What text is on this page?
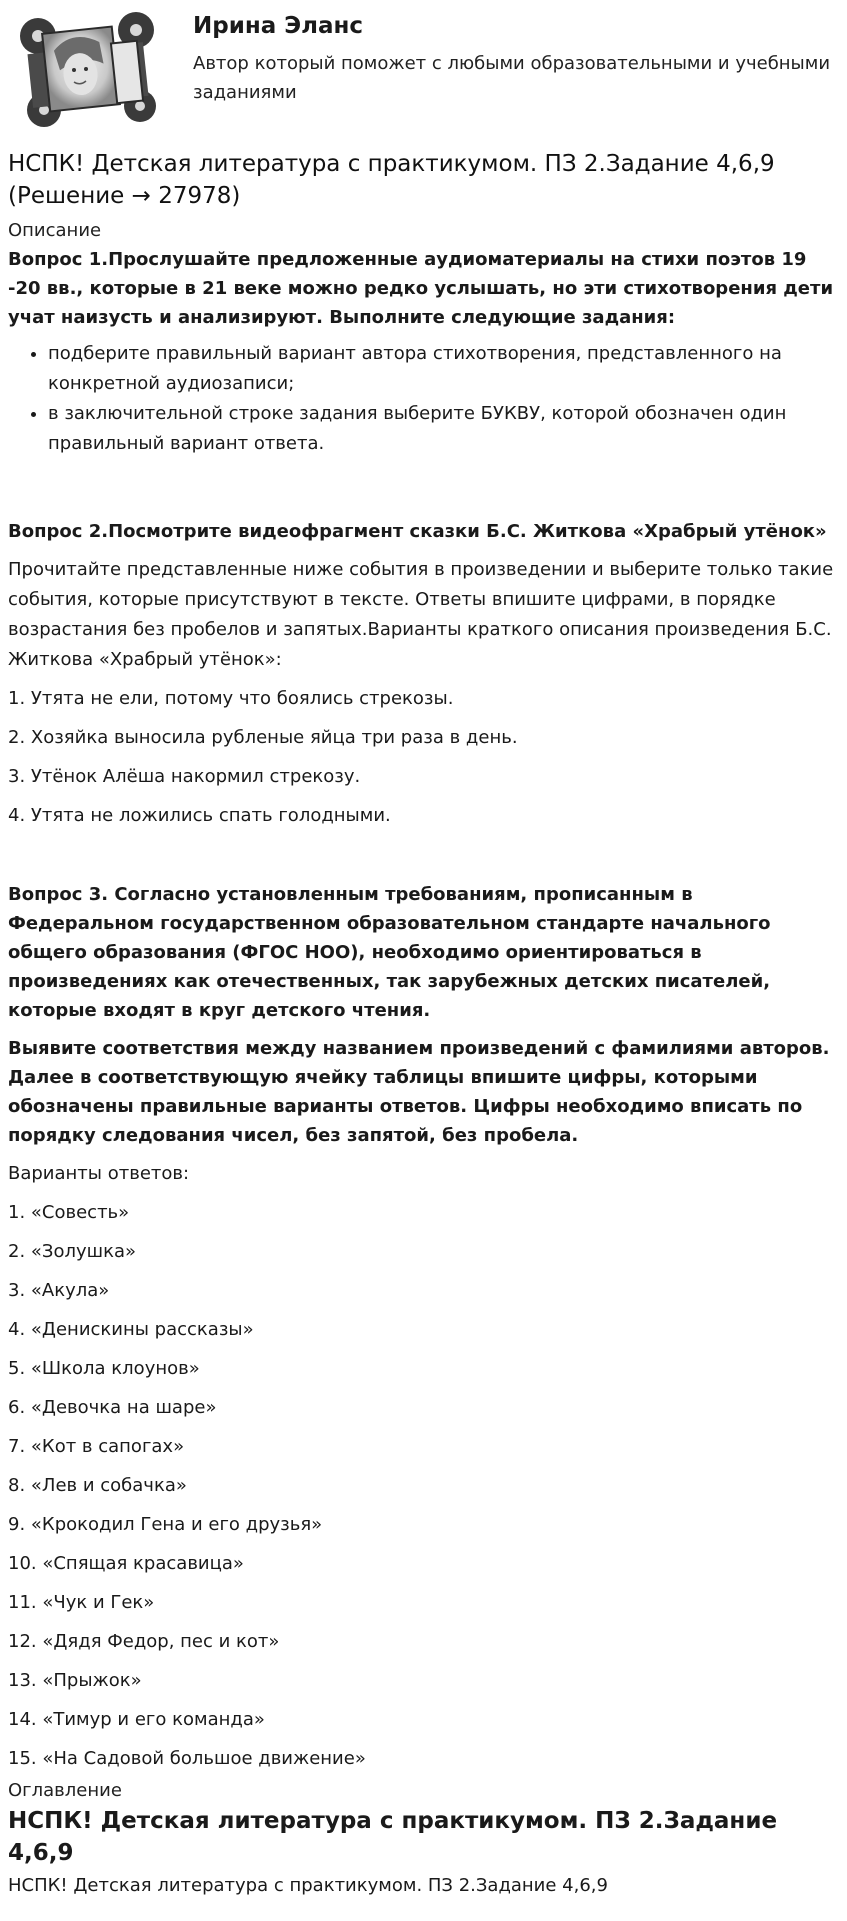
Ирина Эланс
Автор который поможет с любыми образовательными и учебными заданиями
НСПК! Детская литература с практикумом. ПЗ 2.Задание 4,6,9 (Решение → 27978)
Описание

Вопрос 1.Прослушайте предложенные аудиоматериалы на стихи поэтов 19 -20 вв., которые в 21 веке можно редко услышать, но эти стихотворения дети учат наизусть и анализируют. Выполните следующие задания:

• подберите правильный вариант автора стихотворения, представленного на конкретной аудиозаписи;
• в заключительной строке задания выберите БУКВУ, которой обозначен один правильный вариант ответа.

Вопрос 2.Посмотрите видеофрагмент сказки Б.С. Житкова «Храбрый утёнок»

Прочитайте представленные ниже события в произведении и выберите только такие события, которые присутствуют в тексте. Ответы впишите цифрами, в порядке возрастания без пробелов и запятых.Варианты краткого описания произведения Б.С. Житкова «Храбрый утёнок»:

1. Утята не ели, потому что боялись стрекозы.

2. Хозяйка выносила рубленые яйца три раза в день.

3. Утёнок Алёша накормил стрекозу.

4. Утята не ложились спать голодными.

Вопрос 3. Согласно установленным требованиям, прописанным в Федеральном государственном образовательном стандарте начального общего образования (ФГОС НОО), необходимо ориентироваться в произведениях как отечественных, так зарубежных детских писателей, которые входят в круг детского чтения.

Выявите соответствия между названием произведений с фамилиями авторов. Далее в соответствующую ячейку таблицы впишите цифры, которыми обозначены правильные варианты ответов. Цифры необходимо вписать по порядку следования чисел, без запятой, без пробела.

Варианты ответов:

1. «Совесть»

2. «Золушка»

3. «Акула»

4. «Денискины рассказы»

5. «Школа клоунов»

6. «Девочка на шаре»

7. «Кот в сапогах»

8. «Лев и собачка»

9. «Крокодил Гена и его друзья»

10. «Спящая красавица»

11. «Чук и Гек»

12. «Дядя Федор, пес и кот»

13. «Прыжок»

14. «Тимур и его команда»

15. «На Садовой большое движение»

Оглавление
НСПК! Детская литература с практикумом. ПЗ 2.Задание 4,6,9
НСПК! Детская литература с практикумом. ПЗ 2.Задание 4,6,9
